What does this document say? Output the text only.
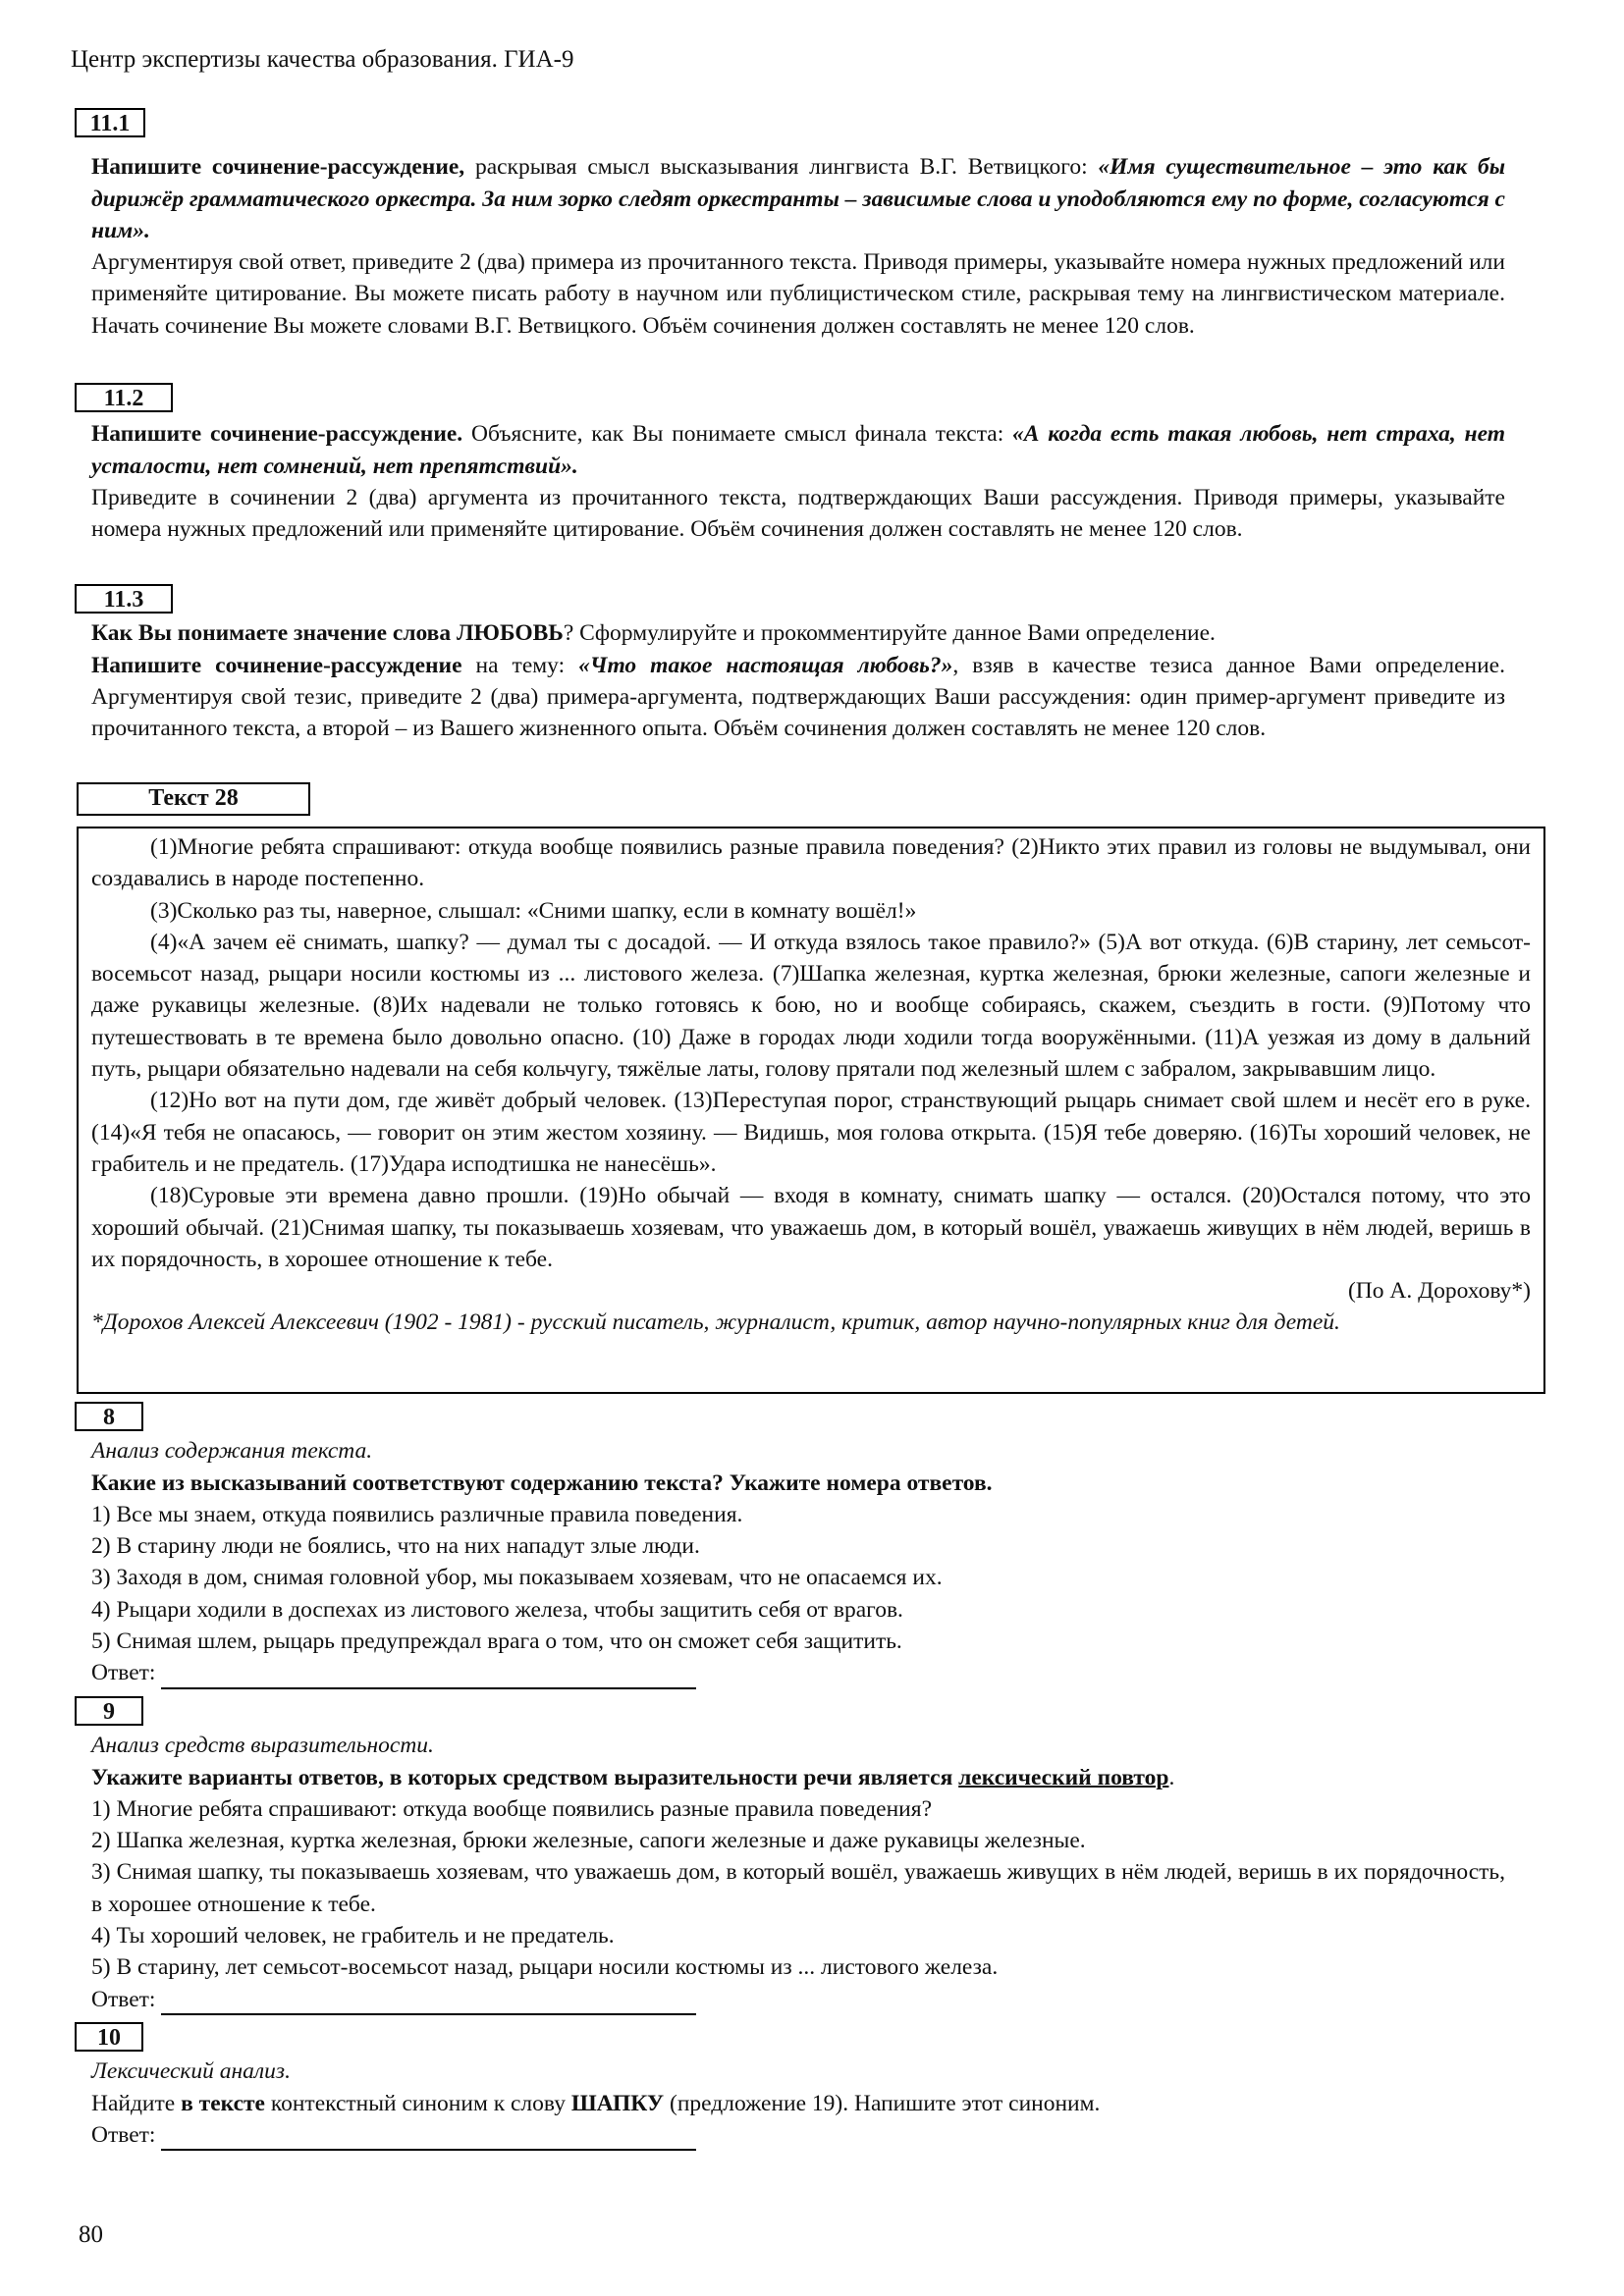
Центр экспертизы качества образования. ГИА-9
11.1

Напишите сочинение-рассуждение, раскрывая смысл высказывания лингвиста В.Г. Ветвицкого: «Имя существительное – это как бы дирижёр грамматического оркестра. За ним зорко следят оркестранты – зависимые слова и уподобляются ему по форме, согласуются с ним».

Аргументируя свой ответ, приведите 2 (два) примера из прочитанного текста. Приводя примеры, указывайте номера нужных предложений или применяйте цитирование. Вы можете писать работу в научном или публицистическом стиле, раскрывая тему на лингвистическом материале. Начать сочинение Вы можете словами В.Г. Ветвицкого. Объём сочинения должен составлять не менее 120 слов.

11.2

Напишите сочинение-рассуждение. Объясните, как Вы понимаете смысл финала текста: «А когда есть такая любовь, нет страха, нет усталости, нет сомнений, нет препятствий».

Приведите в сочинении 2 (два) аргумента из прочитанного текста, подтверждающих Ваши рассуждения. Приводя примеры, указывайте номера нужных предложений или применяйте цитирование. Объём сочинения должен составлять не менее 120 слов.

11.3

Как Вы понимаете значение слова ЛЮБОВЬ? Сформулируйте и прокомментируйте данное Вами определение.

Напишите сочинение-рассуждение на тему: «Что такое настоящая любовь?», взяв в качестве тезиса данное Вами определение. Аргументируя свой тезис, приведите 2 (два) примера-аргумента, подтверждающих Ваши рассуждения: один пример-аргумент приведите из прочитанного текста, а второй – из Вашего жизненного опыта. Объём сочинения должен составлять не менее 120 слов.

Текст 28

(1)Многие ребята спрашивают: откуда вообще появились разные правила поведения? (2)Никто этих правил из головы не выдумывал, они создавались в народе постепенно.

(3)Сколько раз ты, наверное, слышал: «Сними шапку, если в комнату вошёл!»

(4)«А зачем её снимать, шапку? — думал ты с досадой. — И откуда взялось такое правило?» (5)А вот откуда. (6)В старину, лет семьсот-восемьсот назад, рыцари носили костюмы из ... листового железа. (7)Шапка железная, куртка железная, брюки железные, сапоги железные и даже рукавицы железные. (8)Их надевали не только готовясь к бою, но и вообще собираясь, скажем, съездить в гости. (9)Потому что путешествовать в те времена было довольно опасно. (10) Даже в городах люди ходили тогда вооружёнными. (11)А уезжая из дому в дальний путь, рыцари обязательно надевали на себя кольчугу, тяжёлые латы, голову прятали под железный шлем с забралом, закрывавшим лицо.

(12)Но вот на пути дом, где живёт добрый человек. (13)Переступая порог, странствующий рыцарь снимает свой шлем и несёт его в руке. (14)«Я тебя не опасаюсь, — говорит он этим жестом хозяину. — Видишь, моя голова открыта. (15)Я тебе доверяю. (16)Ты хороший человек, не грабитель и не предатель. (17)Удара исподтишка не нанесёшь».

(18)Суровые эти времена давно прошли. (19)Но обычай — входя в комнату, снимать шапку — остался. (20)Остался потому, что это хороший обычай. (21)Снимая шапку, ты показываешь хозяевам, что уважаешь дом, в который вошёл, уважаешь живущих в нём людей, веришь в их порядочность, в хорошее отношение к тебе.

(По А. Дорохову*)

*Дорохов Алексей Алексеевич (1902 - 1981) - русский писатель, журналист, критик, автор научно-популярных книг для детей.

8

Анализ содержания текста.

Какие из высказываний соответствуют содержанию текста? Укажите номера ответов.

1) Все мы знаем, откуда появились различные правила поведения.

2) В старину люди не боялись, что на них нападут злые люди.

3) Заходя в дом, снимая головной убор, мы показываем хозяевам, что не опасаемся их.

4) Рыцари ходили в доспехах из листового железа, чтобы защитить себя от врагов.

5) Снимая шлем, рыцарь предупреждал врага о том, что он сможет себя защитить.

Ответ:

9

Анализ средств выразительности.

Укажите варианты ответов, в которых средством выразительности речи является лексический повтор.

1) Многие ребята спрашивают: откуда вообще появились разные правила поведения?

2) Шапка железная, куртка железная, брюки железные, сапоги железные и даже рукавицы железные.

3) Снимая шапку, ты показываешь хозяевам, что уважаешь дом, в который вошёл, уважаешь живущих в нём людей, веришь в их порядочность, в хорошее отношение к тебе.

4) Ты хороший человек, не грабитель и не предатель.

5) В старину, лет семьсот-восемьсот назад, рыцари носили костюмы из ... листового железа.

Ответ:

10

Лексический анализ.

Найдите в тексте контекстный синоним к слову ШАПКУ (предложение 19). Напишите этот синоним.

Ответ:

80
